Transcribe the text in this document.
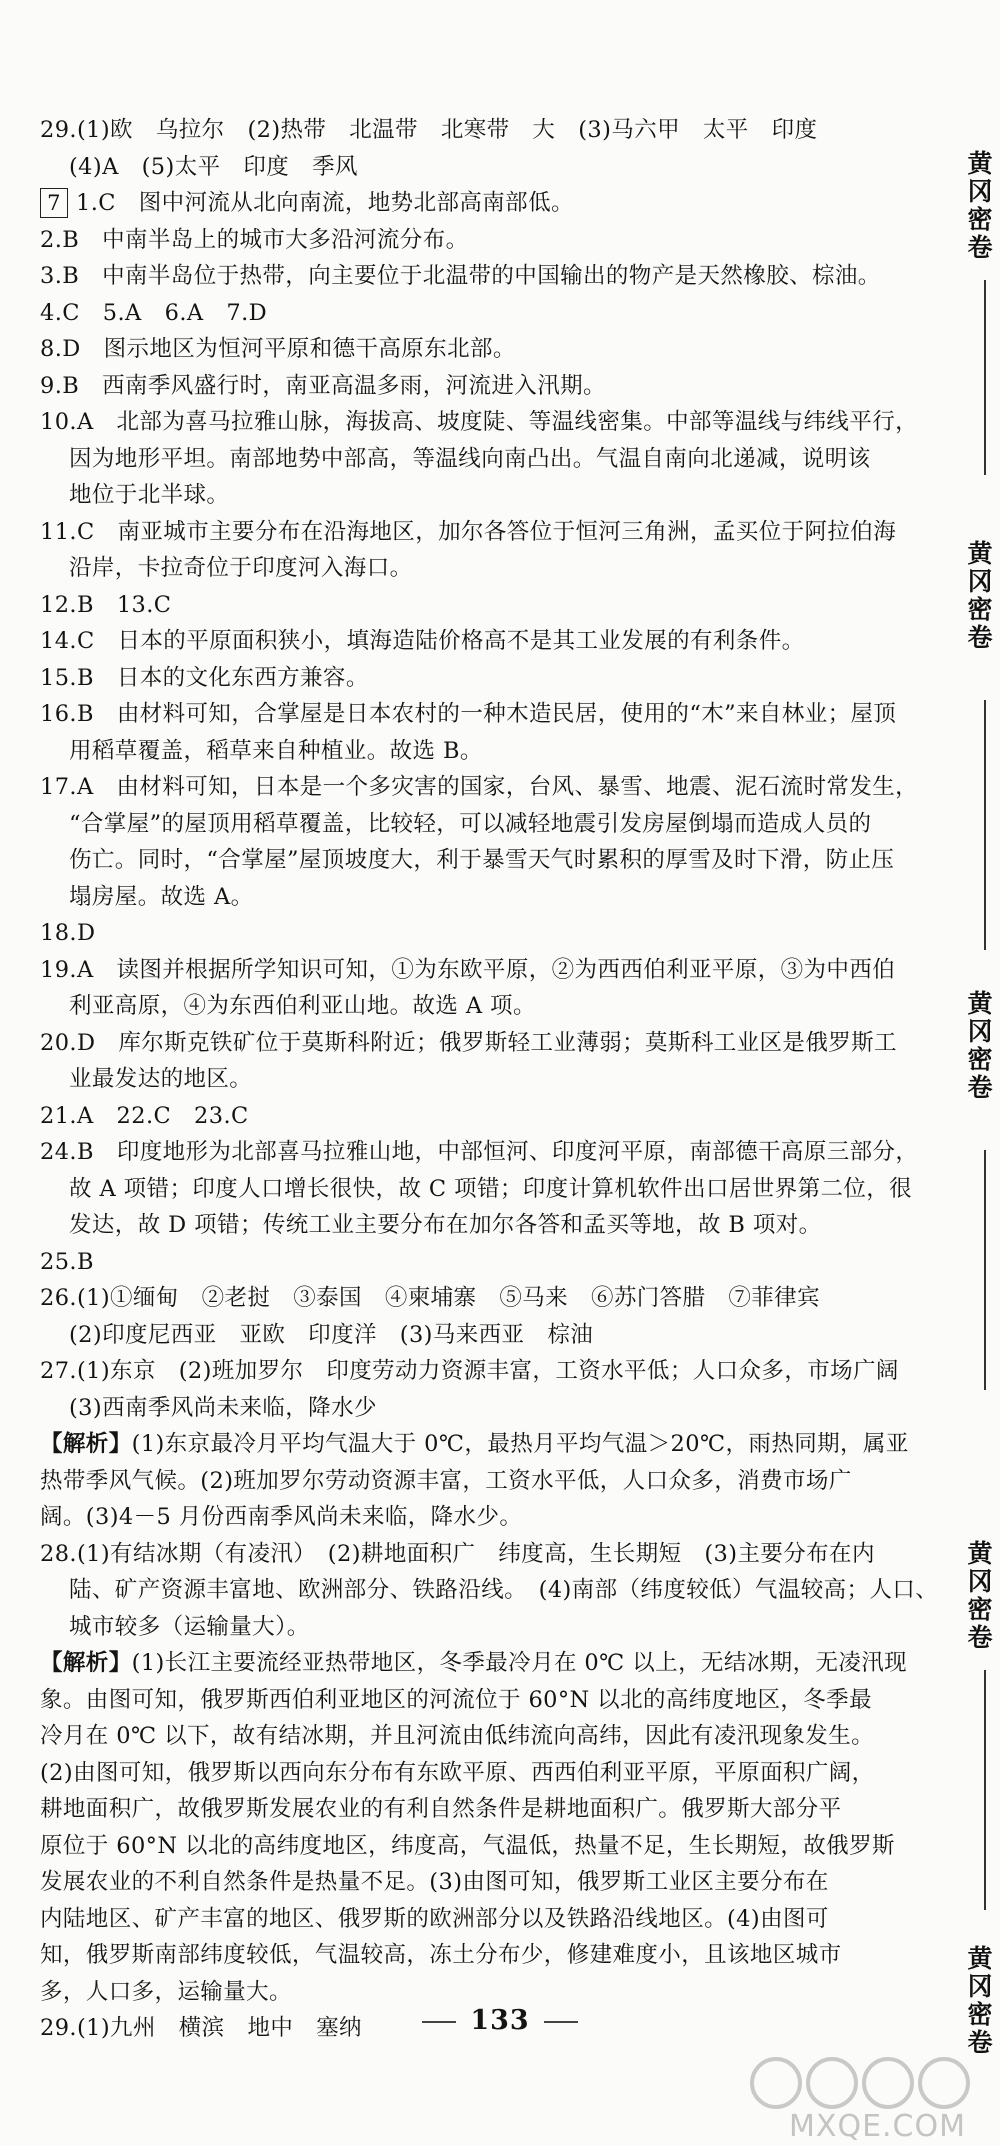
29.(1)欧　乌拉尔　(2)热带　北温带　北寒带　大　(3)马六甲　太平　印度
(4)A　(5)太平　印度　季风
7 1.C　图中河流从北向南流，地势北部高南部低。
2.B　中南半岛上的城市大多沿河流分布。
3.B　中南半岛位于热带，向主要位于北温带的中国输出的物产是天然橡胶、棕油。
4.C　5.A　6.A　7.D
8.D　图示地区为恒河平原和德干高原东北部。
9.B　西南季风盛行时，南亚高温多雨，河流进入汛期。
10.A　北部为喜马拉雅山脉，海拔高、坡度陡、等温线密集。中部等温线与纬线平行，
因为地形平坦。南部地势中部高，等温线向南凸出。气温自南向北递减，说明该
地位于北半球。
11.C　南亚城市主要分布在沿海地区，加尔各答位于恒河三角洲，孟买位于阿拉伯海
沿岸，卡拉奇位于印度河入海口。
12.B　13.C
14.C　日本的平原面积狭小，填海造陆价格高不是其工业发展的有利条件。
15.B　日本的文化东西方兼容。
16.B　由材料可知，合掌屋是日本农村的一种木造民居，使用的“木”来自林业；屋顶
用稻草覆盖，稻草来自种植业。故选 B。
17.A　由材料可知，日本是一个多灾害的国家，台风、暴雪、地震、泥石流时常发生，
“合掌屋”的屋顶用稻草覆盖，比较轻，可以减轻地震引发房屋倒塌而造成人员的
伤亡。同时，“合掌屋”屋顶坡度大，利于暴雪天气时累积的厚雪及时下滑，防止压
塌房屋。故选 A。
18.D
19.A　读图并根据所学知识可知，①为东欧平原，②为西西伯利亚平原，③为中西伯
利亚高原，④为东西伯利亚山地。故选 A 项。
20.D　库尔斯克铁矿位于莫斯科附近；俄罗斯轻工业薄弱；莫斯科工业区是俄罗斯工
业最发达的地区。
21.A　22.C　23.C
24.B　印度地形为北部喜马拉雅山地，中部恒河、印度河平原，南部德干高原三部分，
故 A 项错；印度人口增长很快，故 C 项错；印度计算机软件出口居世界第二位，很
发达，故 D 项错；传统工业主要分布在加尔各答和孟买等地，故 B 项对。
25.B
26.(1)①缅甸　②老挝　③泰国　④柬埔寨　⑤马来　⑥苏门答腊　⑦菲律宾
(2)印度尼西亚　亚欧　印度洋　(3)马来西亚　棕油
27.(1)东京　(2)班加罗尔　印度劳动力资源丰富，工资水平低；人口众多，市场广阔
(3)西南季风尚未来临，降水少
【解析】(1)东京最冷月平均气温大于 0℃，最热月平均气温＞20℃，雨热同期，属亚
热带季风气候。(2)班加罗尔劳动资源丰富，工资水平低，人口众多，消费市场广
阔。(3)4－5 月份西南季风尚未来临，降水少。
28.(1)有结冰期（有凌汛）　(2)耕地面积广　纬度高，生长期短　(3)主要分布在内
陆、矿产资源丰富地、欧洲部分、铁路沿线。　(4)南部（纬度较低）气温较高；人口、
城市较多（运输量大）。
【解析】(1)长江主要流经亚热带地区，冬季最冷月在 0℃ 以上，无结冰期，无凌汛现
象。由图可知，俄罗斯西伯利亚地区的河流位于 60°N 以北的高纬度地区，冬季最
冷月在 0℃ 以下，故有结冰期，并且河流由低纬流向高纬，因此有凌汛现象发生。
(2)由图可知，俄罗斯以西向东分布有东欧平原、西西伯利亚平原，平原面积广阔，
耕地面积广，故俄罗斯发展农业的有利自然条件是耕地面积广。俄罗斯大部分平
原位于 60°N 以北的高纬度地区，纬度高，气温低，热量不足，生长期短，故俄罗斯
发展农业的不利自然条件是热量不足。(3)由图可知，俄罗斯工业区主要分布在
内陆地区、矿产丰富的地区、俄罗斯的欧洲部分以及铁路沿线地区。(4)由图可
知，俄罗斯南部纬度较低，气温较高，冻土分布少，修建难度小，且该地区城市
多，人口多，运输量大。
29.(1)九州　横滨　地中　塞纳	133
黄冈密卷
黄冈密卷
黄冈密卷
黄冈密卷
黄冈密卷
MXQE.COM
